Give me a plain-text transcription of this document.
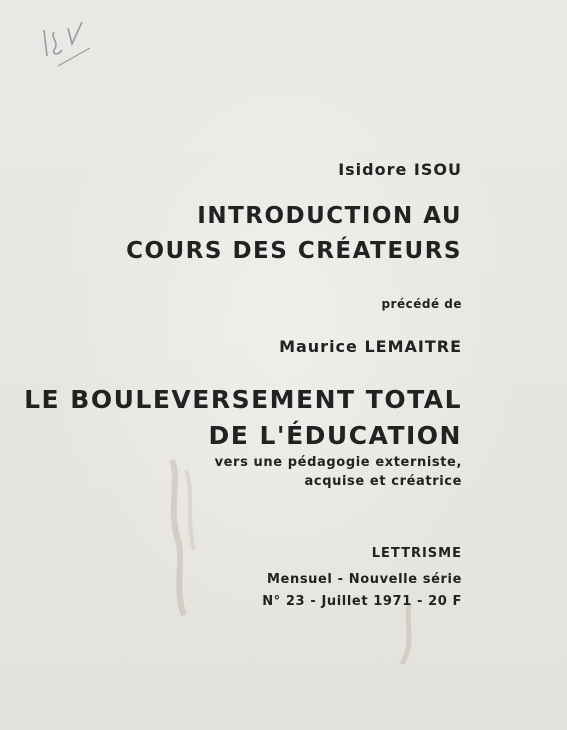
Isidore ISOU
INTRODUCTION AU
COURS DES CRÉATEURS
précédé de
Maurice LEMAITRE
LE BOULEVERSEMENT TOTAL
DE L'ÉDUCATION
vers une pédagogie externiste,
acquise et créatrice
LETTRISME
Mensuel - Nouvelle série
N° 23 - Juillet 1971 - 20 F
